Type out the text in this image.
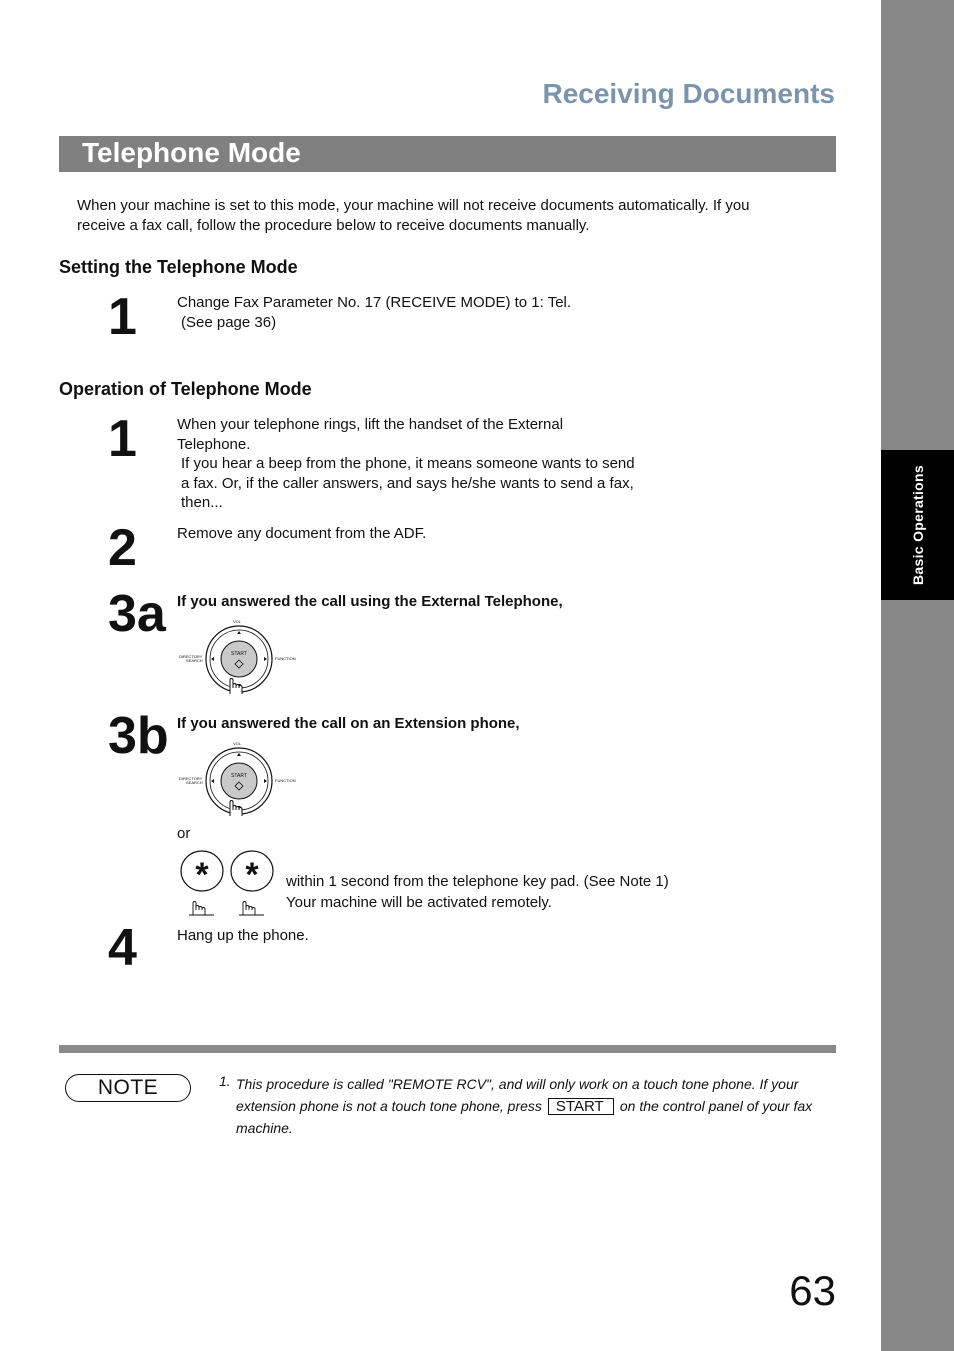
Basic Operations
Receiving Documents
Telephone Mode
When your machine is set to this mode, your machine will not receive documents automatically. If you
receive a fax call, follow the procedure below to receive documents manually.
Setting the Telephone Mode
1	Change Fax Parameter No. 17 (RECEIVE MODE) to 1: Tel.
(See page 36)
Operation of Telephone Mode
1	When your telephone rings, lift the handset of the External
Telephone.
If you hear a beep from the phone, it means someone wants to send
a fax. Or, if the caller answers, and says he/she wants to send a fax,
then...
2	Remove any document from the ADF.
3a If you answered the call using the External Telephone,
VOL
START
DIRECTORY
SEARCH	FUNCTION
3b If you answered the call on an Extension phone,
VOL
START
DIRECTORY
SEARCH	FUNCTION
or
* * within 1 second from the telephone key pad. (See Note 1)
Your machine will be activated remotely.
4	Hang up the phone.
NOTE	1. This procedure is called "REMOTE RCV", and will only work on a touch tone phone. If your
extension phone is not a touch tone phone, press START on the control panel of your fax
machine.
63
